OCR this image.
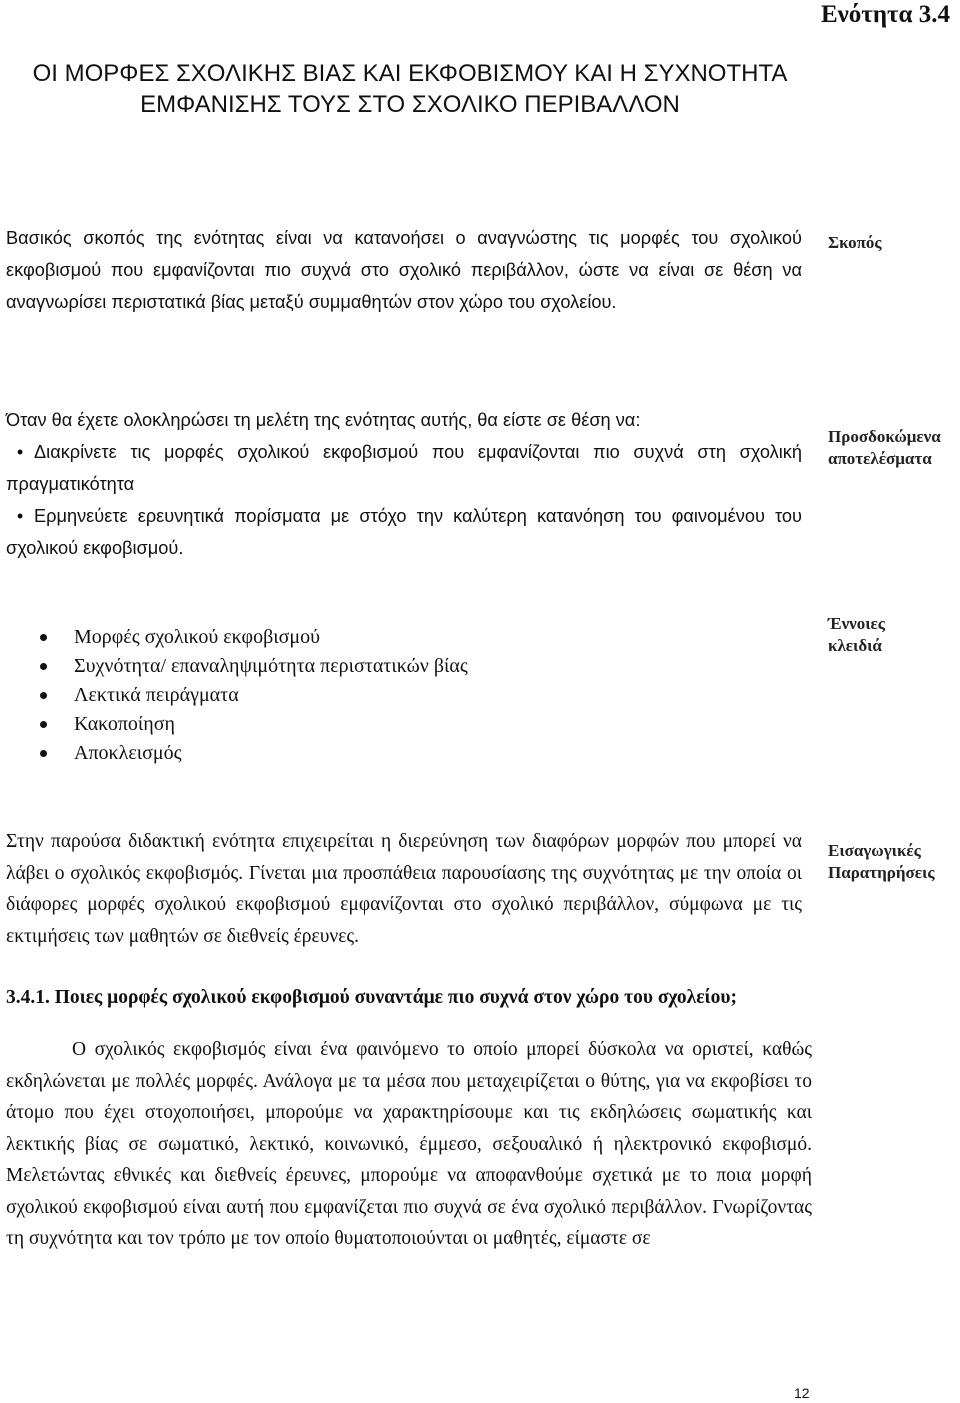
Ενότητα 3.4
ΟΙ ΜΟΡΦΕΣ ΣΧΟΛΙΚΗΣ ΒΙΑΣ ΚΑΙ ΕΚΦΟΒΙΣΜΟΥ ΚΑΙ Η ΣΥΧΝΟΤΗΤΑ ΕΜΦΑΝΙΣΗΣ ΤΟΥΣ ΣΤΟ ΣΧΟΛΙΚΟ ΠΕΡΙΒΑΛΛΟΝ

Βασικός σκοπός της ενότητας είναι να κατανοήσει ο αναγνώστης τις μορφές του σχολικού εκφοβισμού που εμφανίζονται πιο συχνά στο σχολικό περιβάλλον, ώστε να είναι σε θέση να αναγνωρίσει περιστατικά βίας μεταξύ συμμαθητών στον χώρο του σχολείου.

Σκοπός

Όταν θα έχετε ολοκληρώσει τη μελέτη της ενότητας αυτής, θα είστε σε θέση να:

• Διακρίνετε τις μορφές σχολικού εκφοβισμού που εμφανίζονται πιο συχνά στη σχολική πραγματικότητα

• Ερμηνεύετε ερευνητικά πορίσματα με στόχο την καλύτερη κατανόηση του φαινομένου του σχολικού εκφοβισμού.

Προσδοκώμενα
αποτελέσματα
Μορφές σχολικού εκφοβισμού
Συχνότητα/ επαναληψιμότητα περιστατικών βίας
Λεκτικά πειράγματα
Κακοποίηση
Αποκλεισμός
Έννοιες
κλειδιά

Στην παρούσα διδακτική ενότητα επιχειρείται η διερεύνηση των διαφόρων μορφών που μπορεί να λάβει ο σχολικός εκφοβισμός. Γίνεται μια προσπάθεια παρουσίασης της συχνότητας με την οποία οι διάφορες μορφές σχολικού εκφοβισμού εμφανίζονται στο σχολικό περιβάλλον, σύμφωνα με τις εκτιμήσεις των μαθητών σε διεθνείς έρευνες.

Εισαγωγικές
Παρατηρήσεις

3.4.1. Ποιες μορφές σχολικού εκφοβισμού συναντάμε πιο συχνά στον χώρο του σχολείου;

Ο σχολικός εκφοβισμός είναι ένα φαινόμενο το οποίο μπορεί δύσκολα να οριστεί, καθώς εκδηλώνεται με πολλές μορφές. Ανάλογα με τα μέσα που μεταχειρίζεται ο θύτης, για να εκφοβίσει το άτομο που έχει στοχοποιήσει, μπορούμε να χαρακτηρίσουμε και τις εκδηλώσεις σωματικής και λεκτικής βίας σε σωματικό, λεκτικό, κοινωνικό, έμμεσο, σεξουαλικό ή ηλεκτρονικό εκφοβισμό. Μελετώντας εθνικές και διεθνείς έρευνες, μπορούμε να αποφανθούμε σχετικά με το ποια μορφή σχολικού εκφοβισμού είναι αυτή που εμφανίζεται πιο συχνά σε ένα σχολικό περιβάλλον. Γνωρίζοντας τη συχνότητα και τον τρόπο με τον οποίο θυματοποιούνται οι μαθητές, είμαστε σε

12
